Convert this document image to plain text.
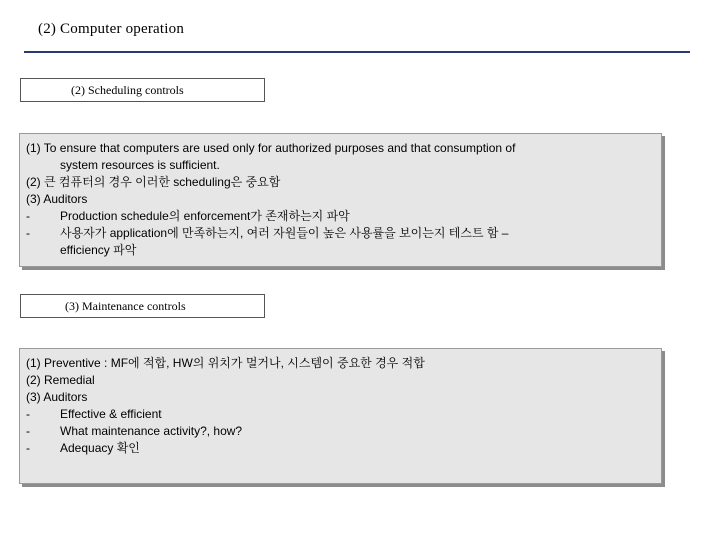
(2) Computer operation
(2) Scheduling controls
(1) To ensure that computers are used only for authorized purposes and that consumption of
system resources is sufficient.
(2) 큰 컴퓨터의 경우 이러한 scheduling은 중요함
(3) Auditors
-	Production schedule의 enforcement가 존재하는지 파악
-	사용자가 application에 만족하는지, 여러 자원들이 높은 사용률을 보이는지 테스트 함 –
efficiency 파악
(3) Maintenance controls
(1) Preventive : MF에 적합, HW의 위치가 멀거나, 시스템이 중요한 경우 적합
(2) Remedial
(3) Auditors
-	Effective & efficient
-	What maintenance activity?, how?
-	Adequacy 확인
